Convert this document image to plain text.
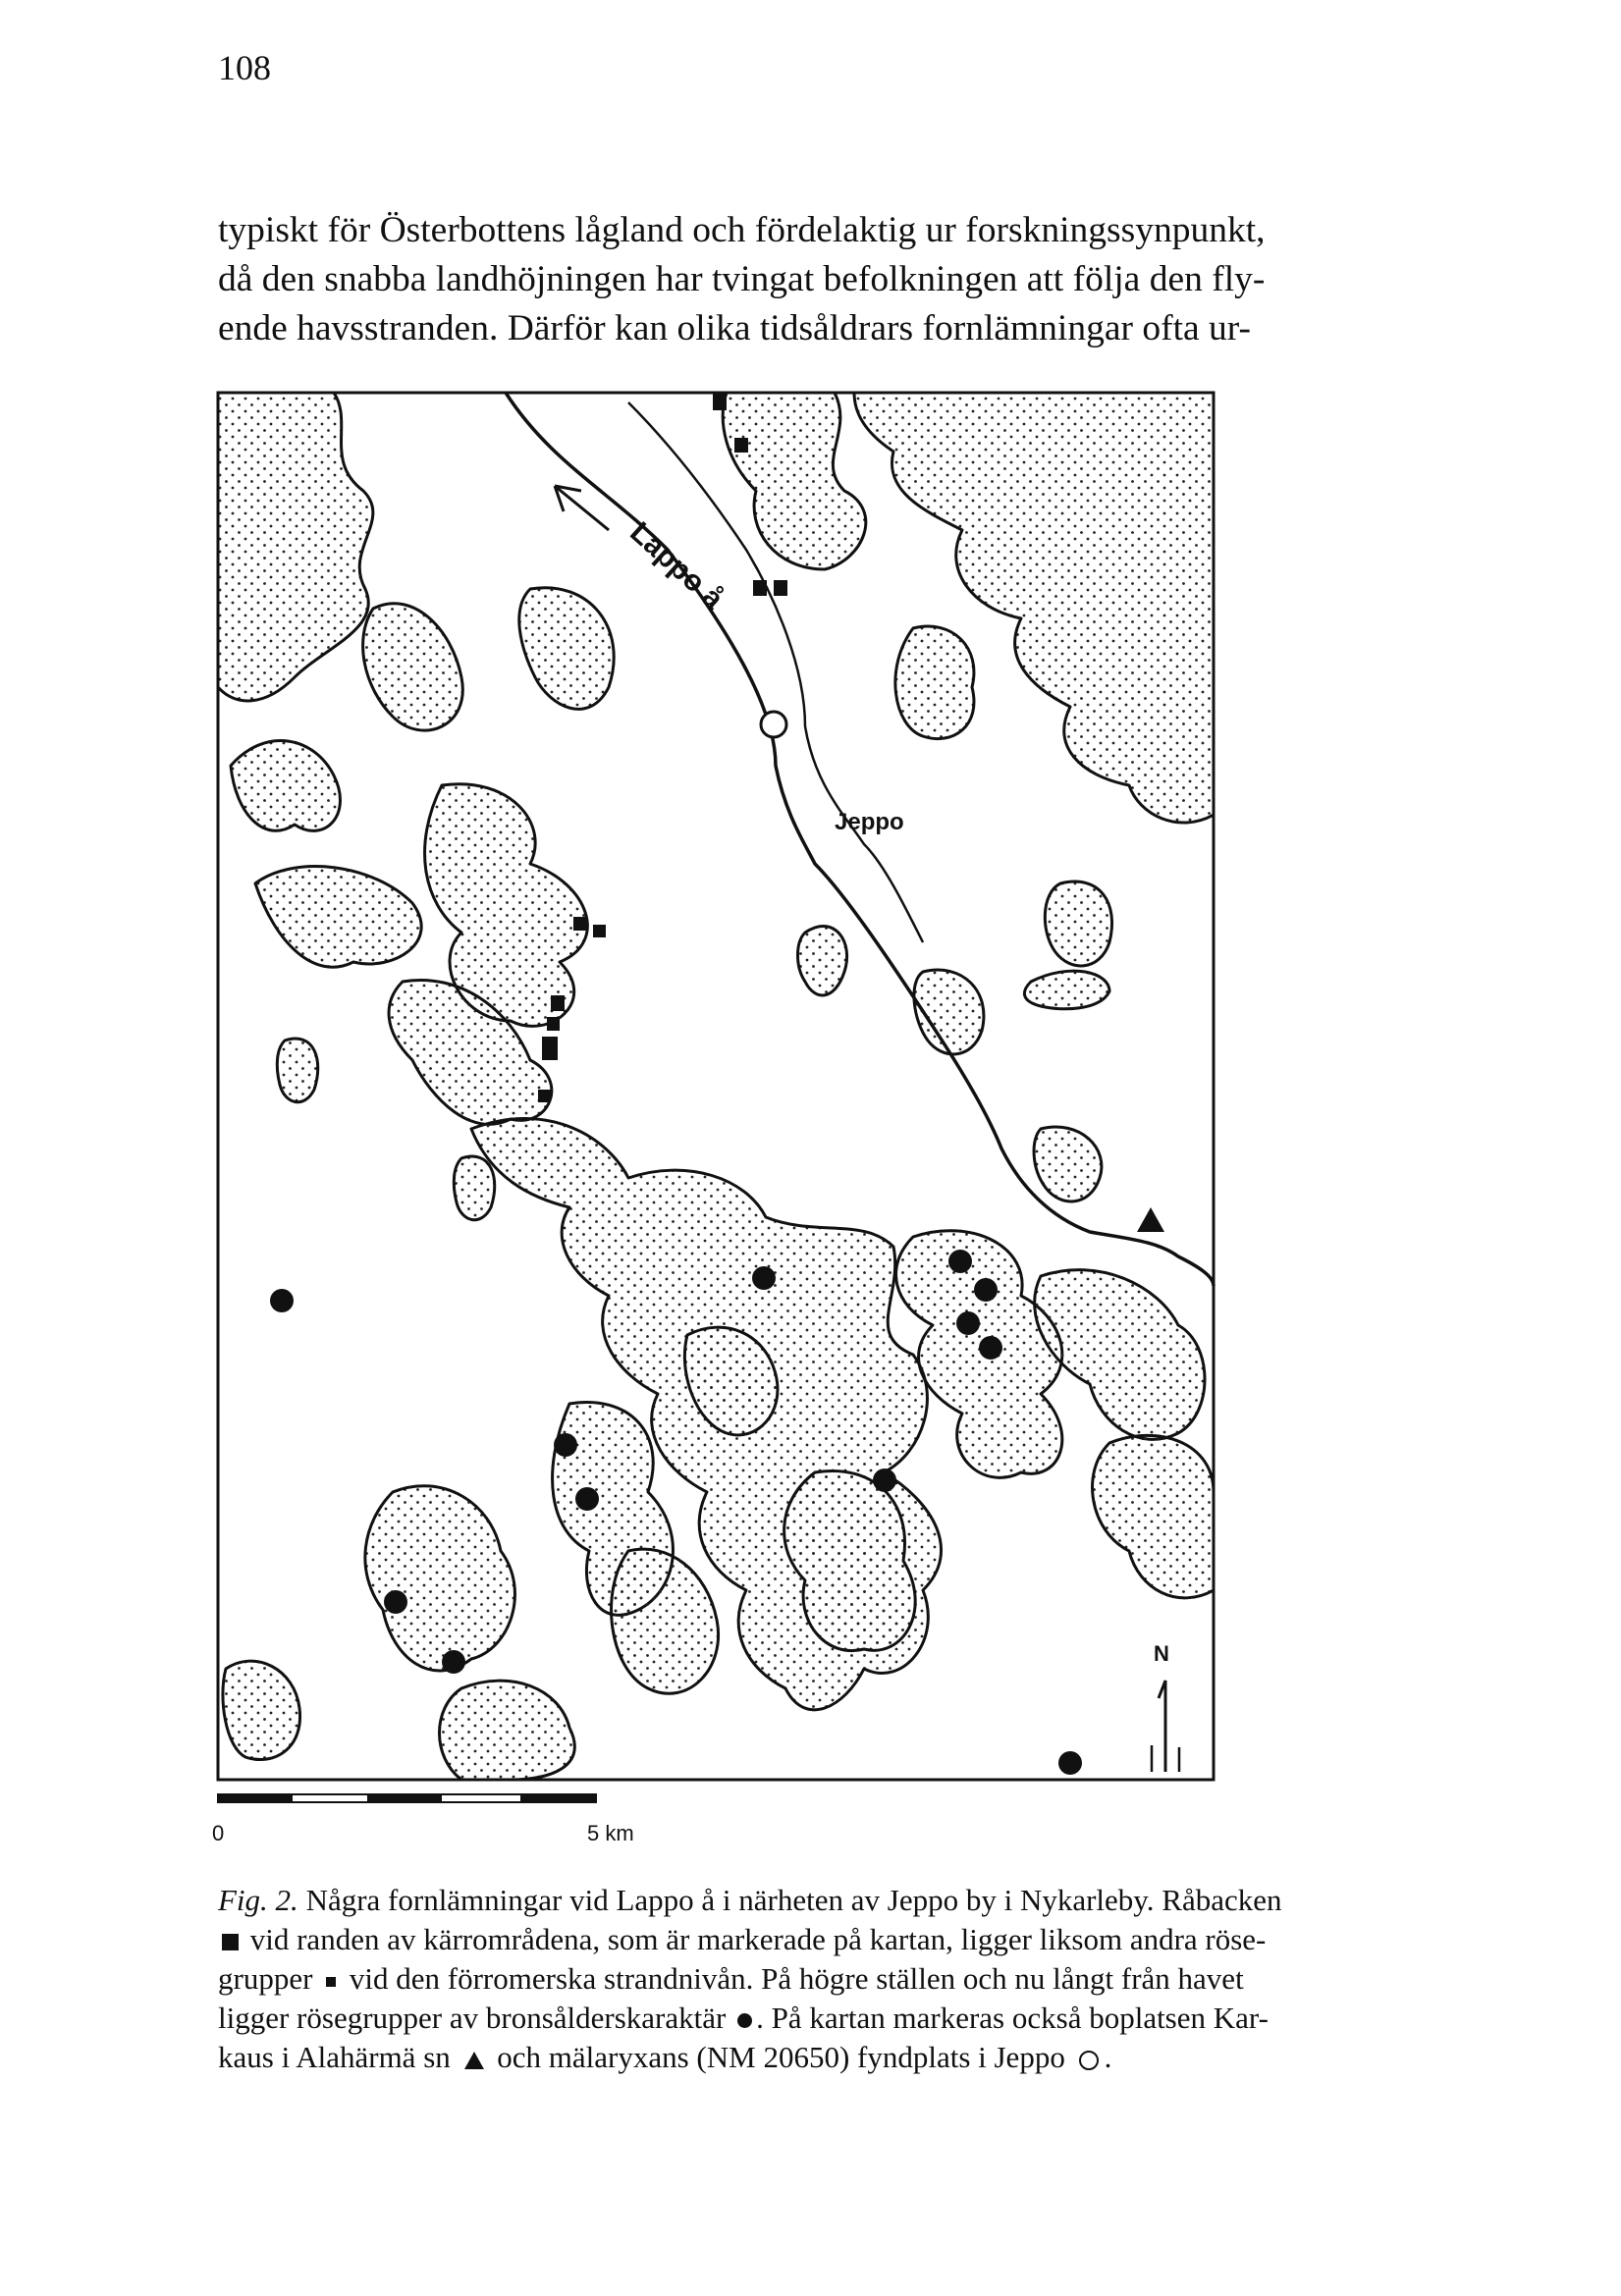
108
typiskt för Österbottens lågland och fördelaktig ur forskningssynpunkt,
då den snabba landhöjningen har tvingat befolkningen att följa den fly-
ende havsstranden. Därför kan olika tidsåldrars fornlämningar ofta ur-
Lappo å
Jeppo
N
0	5 km
Fig. 2. Några fornlämningar vid Lappo å i närheten av Jeppo by i Nykarleby. Råbacken
vid randen av kärrområdena, som är markerade på kartan, ligger liksom andra röse-
grupper  vid den förromerska strandnivån. På högre ställen och nu långt från havet
ligger rösegrupper av bronsålderskaraktär . På kartan markeras också boplatsen Kar-
kaus i Alahärmä sn  och mälaryxans (NM 20650) fyndplats i Jeppo .
